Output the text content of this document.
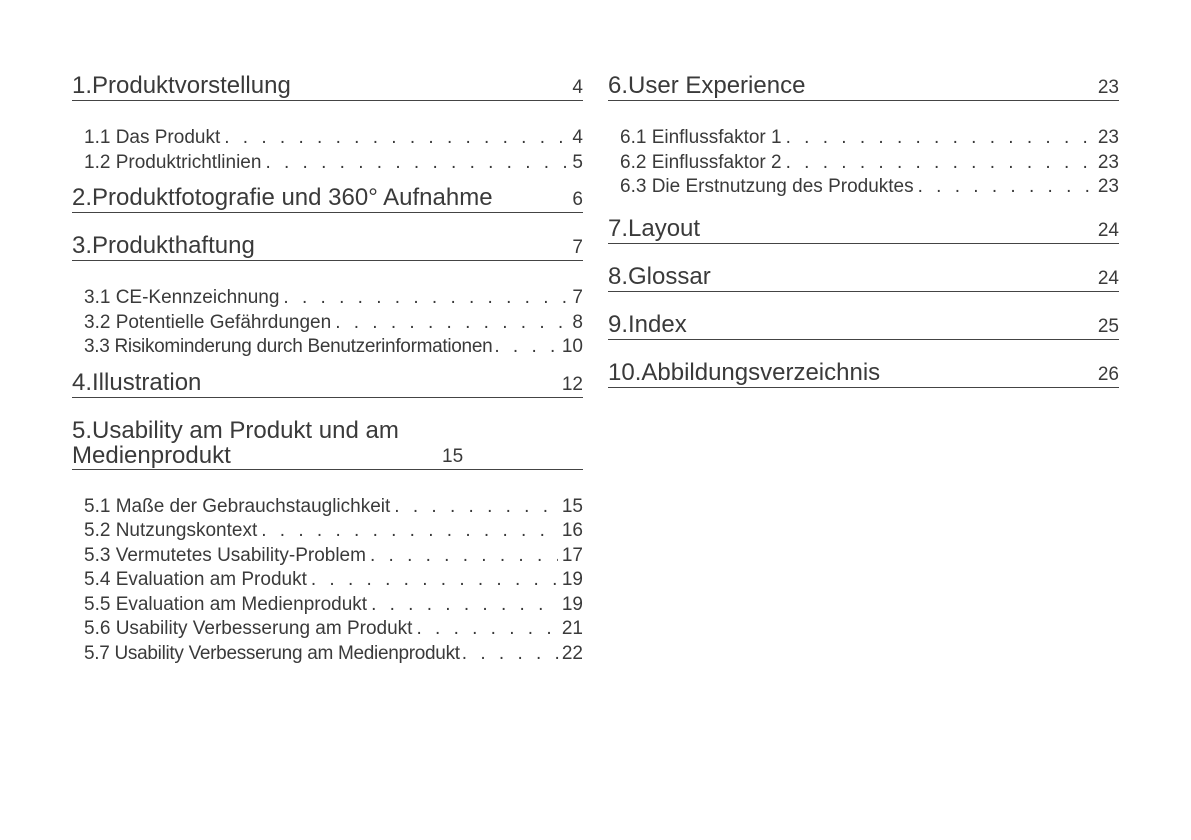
1.Produktvorstellung	4
1.1 Das Produkt . . .	4
1.2 Produktrichtlinien . . .	5
2.Produktfotografie und 360° Aufnahme	6
3.Produkthaftung	7
3.1 CE-Kennzeichnung . . .	7
3.2 Potentielle Gefährdungen . . .	8
3.3 Risikominderung durch Benutzerinformationen . . .	10
4.Illustration	12
5.Usability am Produkt und am Medienprodukt	15
5.1 Maße der Gebrauchstauglichkeit . . .	15
5.2 Nutzungskontext . . .	16
5.3 Vermutetes Usability-Problem . . .	17
5.4 Evaluation am Produkt . . .	19
5.5 Evaluation am Medienprodukt . . .	19
5.6 Usability Verbesserung am Produkt . . .	21
5.7 Usability Verbesserung am Medienprodukt . . .	22
6.User Experience	23
6.1 Einflussfaktor 1 . . .	23
6.2 Einflussfaktor 2 . . .	23
6.3 Die Erstnutzung des Produktes . . .	23
7.Layout	24
8.Glossar	24
9.Index	25
10.Abbildungsverzeichnis	26
